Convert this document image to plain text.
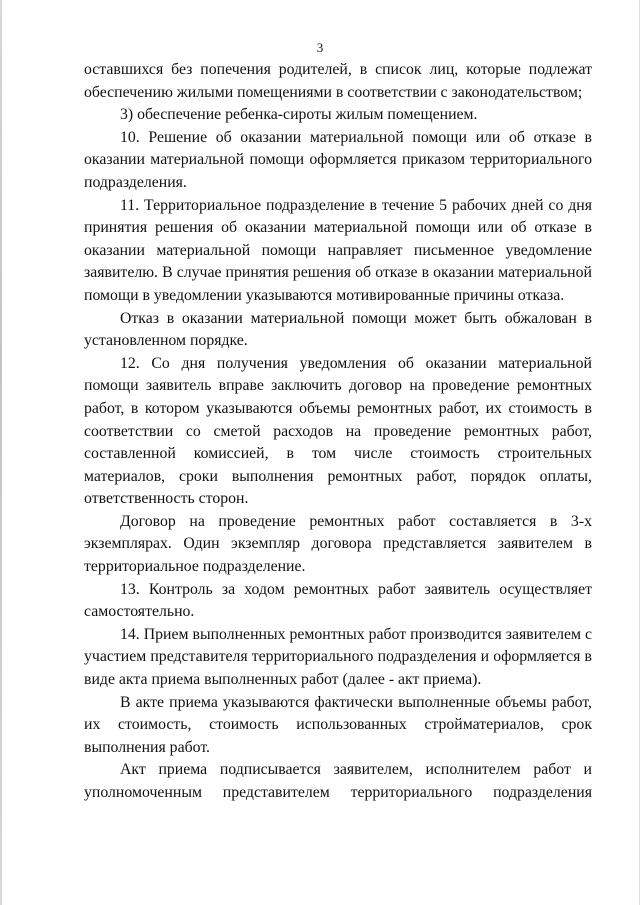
3

оставшихся без попечения родителей, в список лиц, которые подлежат обеспечению жилыми помещениями в соответствии с законодательством;

3) обеспечение ребенка-сироты жилым помещением.

10. Решение об оказании материальной помощи или об отказе в оказании материальной помощи оформляется приказом территориального подразделения.

11. Территориальное подразделение в течение 5 рабочих дней со дня принятия решения об оказании материальной помощи или об отказе в оказании материальной помощи направляет письменное уведомление заявителю. В случае принятия решения об отказе в оказании материальной помощи в уведомлении указываются мотивированные причины отказа.

Отказ в оказании материальной помощи может быть обжалован в установленном порядке.

12. Со дня получения уведомления об оказании материальной помощи заявитель вправе заключить договор на проведение ремонтных работ, в котором указываются объемы ремонтных работ, их стоимость в соответствии со сметой расходов на проведение ремонтных работ, составленной комиссией, в том числе стоимость строительных материалов, сроки выполнения ремонтных работ, порядок оплаты, ответственность сторон.

Договор на проведение ремонтных работ составляется в 3-х экземплярах. Один экземпляр договора представляется заявителем в территориальное подразделение.

13. Контроль за ходом ремонтных работ заявитель осуществляет самостоятельно.

14. Прием выполненных ремонтных работ производится заявителем с участием представителя территориального подразделения и оформляется в виде акта приема выполненных работ (далее - акт приема).

В акте приема указываются фактически выполненные объемы работ, их стоимость, стоимость использованных стройматериалов, срок выполнения работ.

Акт приема подписывается заявителем, исполнителем работ и уполномоченным представителем территориального подразделения
